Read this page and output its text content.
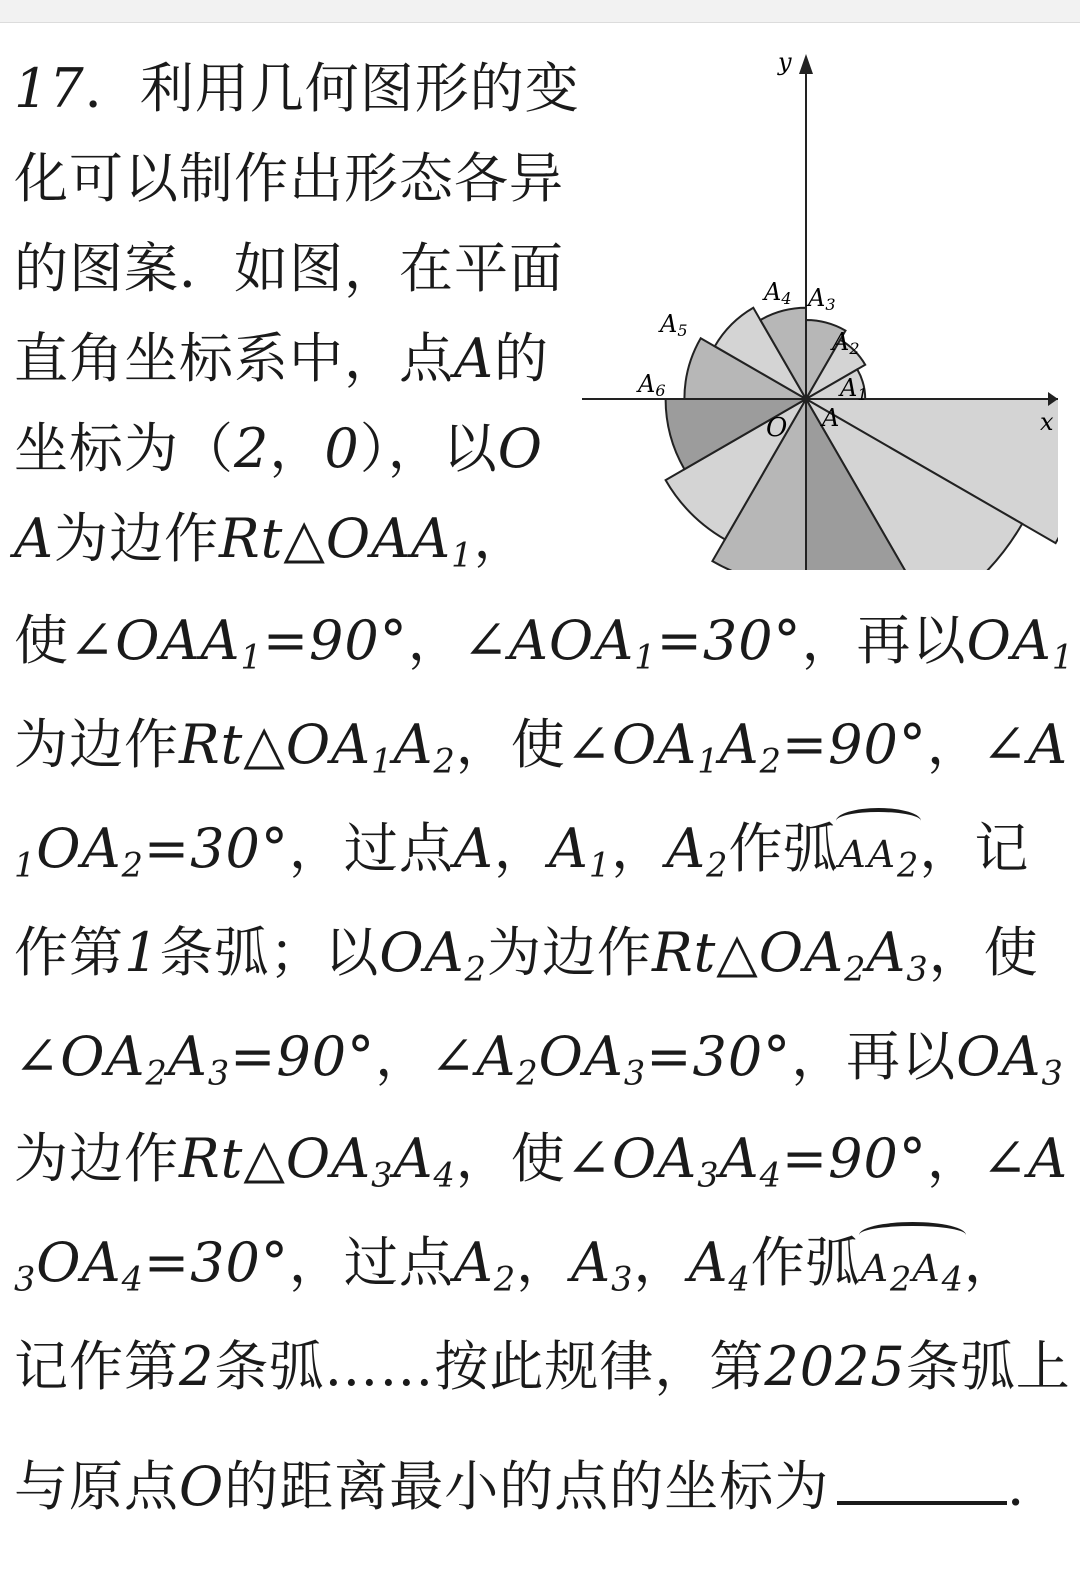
x
y
O A
A1
A2
A3
A4
A5
A6
17．利用几何图形的变
化可以制作出形态各异
的图案．如图，在平面
直角坐标系中，点A的
坐标为（2，0），以O
A为边作$Rt\triangle OAA_1$，
使$\angle OAA_1=90^\circ$，$\angle AOA_1=30^\circ$，再以$OA_1$
为边作$Rt\triangle OA_1A_2$，使$\angle OA_1A_2=90^\circ$，∠A
$_1OA_2=30^\circ$，过点A，$A_1$，$A_2$作弧
$AA_2$，记
作第1条弧；以$OA_2$为边作$Rt\triangle OA_2A_3$，使
$\angle OA_2A_3=90^\circ$，$\angle A_2OA_3=30^\circ$，再以$OA_3$
为边作$Rt\triangle OA_3A_4$，使$\angle OA_3A_4=90^\circ$，∠A
$_3OA_4=30^\circ$，过点$A_2$，$A_3$，$A_4$作弧
$A_2A_4$，
记作第2条弧……按此规律，第2025条弧上
与原点O的距离最小的点的坐标为	．
